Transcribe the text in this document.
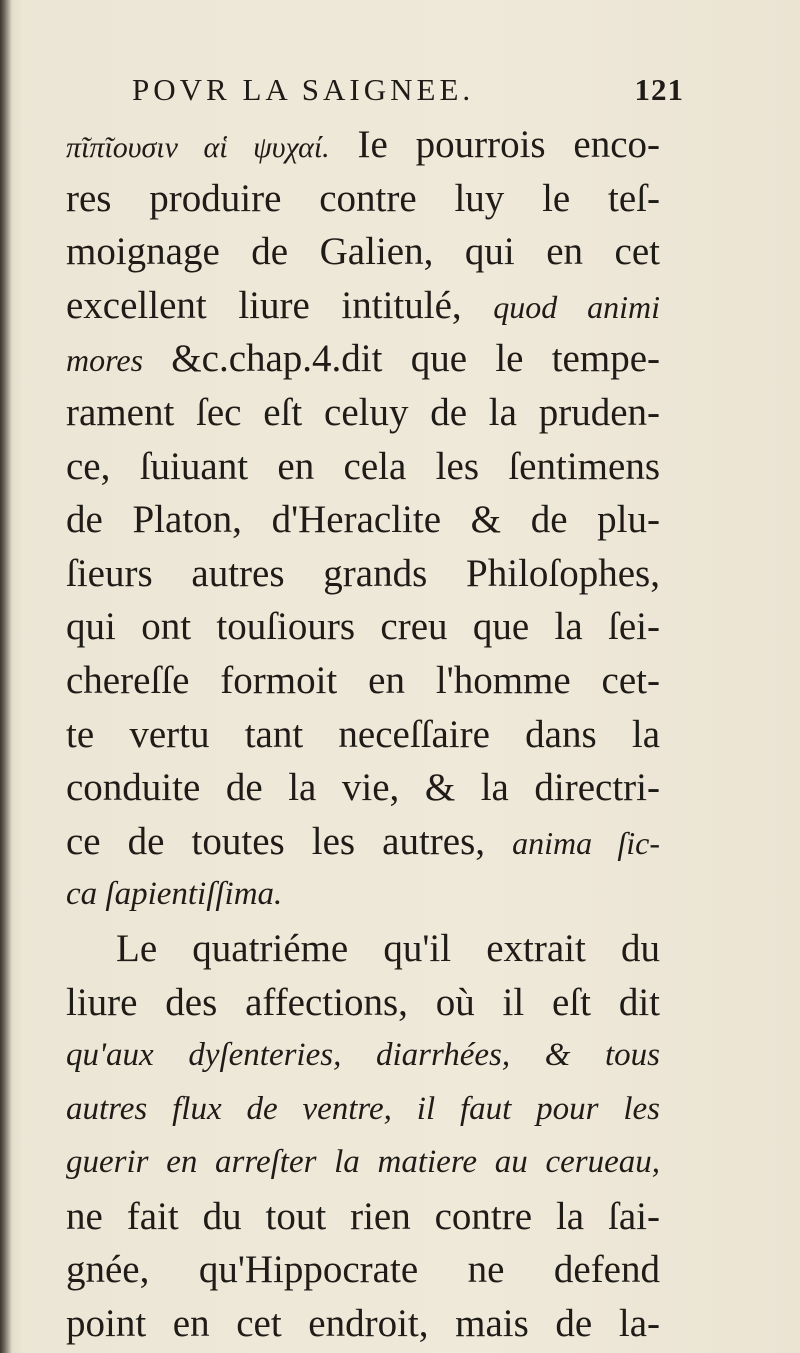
POVR LA SAIGNEE.	121
πῖπῖουσιν αἱ ψυχαί. Ie pourrois enco-
res produire contre luy le teſ-
moignage de Galien, qui en cet
excellent liure intitulé, quod animi
mores &c.chap.4.dit que le tempe-
rament ſec eſt celuy de la pruden-
ce, ſuiuant en cela les ſentimens
de Platon, d'Heraclite & de plu-
ſieurs autres grands Philoſophes,
qui ont touſiours creu que la ſei-
chereſſe formoit en l'homme cet-
te vertu tant neceſſaire dans la
conduite de la vie, & la directri-
ce de toutes les autres, anima ſic-
ca ſapientiſſima.
Le quatriéme qu'il extrait du
liure des affections, où il eſt dit
qu'aux dyſenteries, diarrhées, & tous
autres flux de ventre, il faut pour les
guerir en arreſter la matiere au cerueau,
ne fait du tout rien contre la ſai-
gnée, qu'Hippocrate ne defend
point en cet endroit, mais de la-
